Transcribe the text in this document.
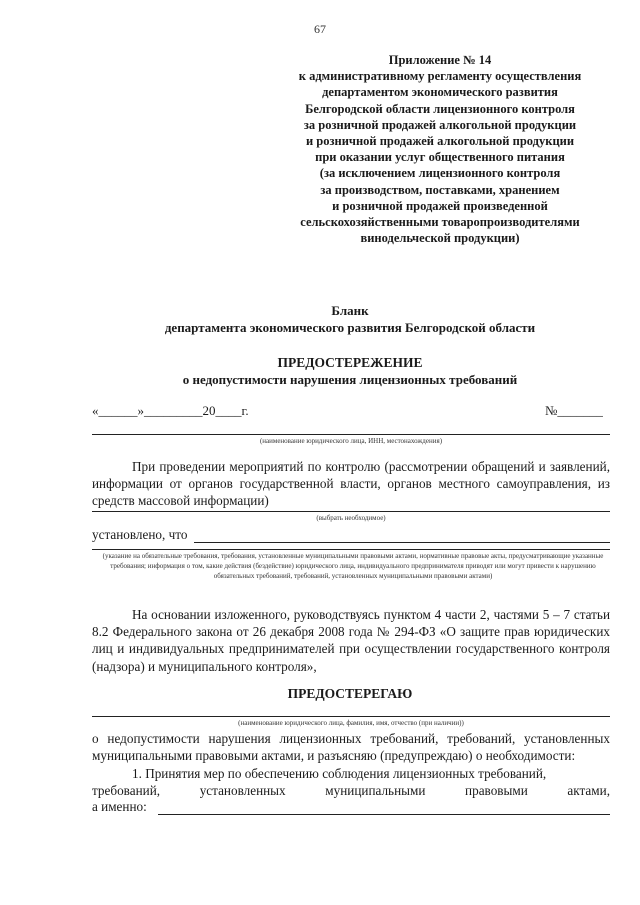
67
Приложение № 14
к административному регламенту осуществления
департаментом экономического развития
Белгородской области лицензионного контроля
за розничной продажей алкогольной продукции
и розничной продажей алкогольной продукции
при оказании услуг общественного питания
(за исключением лицензионного контроля
за производством, поставками, хранением
и розничной продажей произведенной
сельскохозяйственными товаропроизводителями
винодельческой продукции)
Бланк
департамента экономического развития Белгородской области
ПРЕДОСТЕРЕЖЕНИЕ
о недопустимости нарушения лицензионных требований
«______»_________20____г.	№_______
(наименование юридического лица, ИНН, местонахождения)
При проведении мероприятий по контролю (рассмотрении обращений и заявлений, информации от органов государственной власти, органов местного самоуправления, из средств массовой информации)
(выбрать необходимое)
установлено, что
(указание на обязательные требования, требования, установленные муниципальными правовыми актами, нормативные правовые акты, предусматривающие указанные требования; информация о том, какие действия (бездействие) юридического лица, индивидуального предпринимателя приводят или могут привести к нарушению обязательных требований, требований, установленных муниципальными правовыми актами)
На основании изложенного, руководствуясь пунктом 4 части 2, частями 5 – 7 статьи 8.2 Федерального закона от 26 декабря 2008 года № 294-ФЗ «О защите прав юридических лиц и индивидуальных предпринимателей при осуществлении государственного контроля (надзора) и муниципального контроля»,
ПРЕДОСТЕРЕГАЮ
(наименование юридического лица, фамилия, имя, отчество (при наличии))
о недопустимости нарушения лицензионных требований, требований, установленных муниципальными правовыми актами, и разъясняю (предупреждаю) о необходимости:
1. Принятия мер по обеспечению соблюдения лицензионных требований,
требований, установленных муниципальными правовыми актами,
а именно:
